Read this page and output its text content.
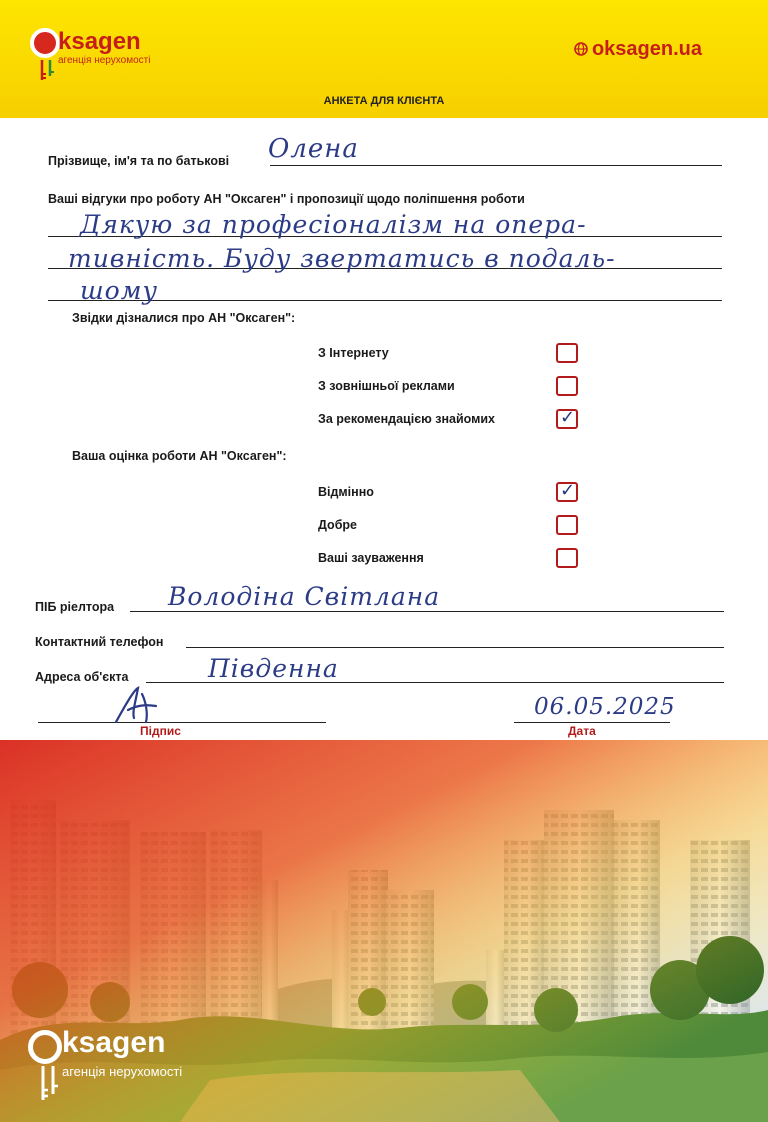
ksagen
агенція нерухомості
oksagen.ua
АНКЕТА ДЛЯ КЛІЄНТА
Прізвище, ім'я та по батькові Олена
Ваші відгуки про роботу АН "Оксаген" і пропозиції щодо поліпшення роботи
Дякую за професіоналізм на опера-
тивність. Буду звертатись в подаль-
шому
Звідки дізналися про АН "Оксаген":
З Інтернету
З зовнішньої реклами
За рекомендацією знайомих	✓
Ваша оцінка роботи АН "Оксаген":
Відмінно	✓
Добре
Ваші зауваження
ПІБ ріелтора Володіна Світлана
Контактний телефон
Адреса об'єкта	Південна
Підпис
06.05.2025
Дата
ksagen
агенція нерухомості
